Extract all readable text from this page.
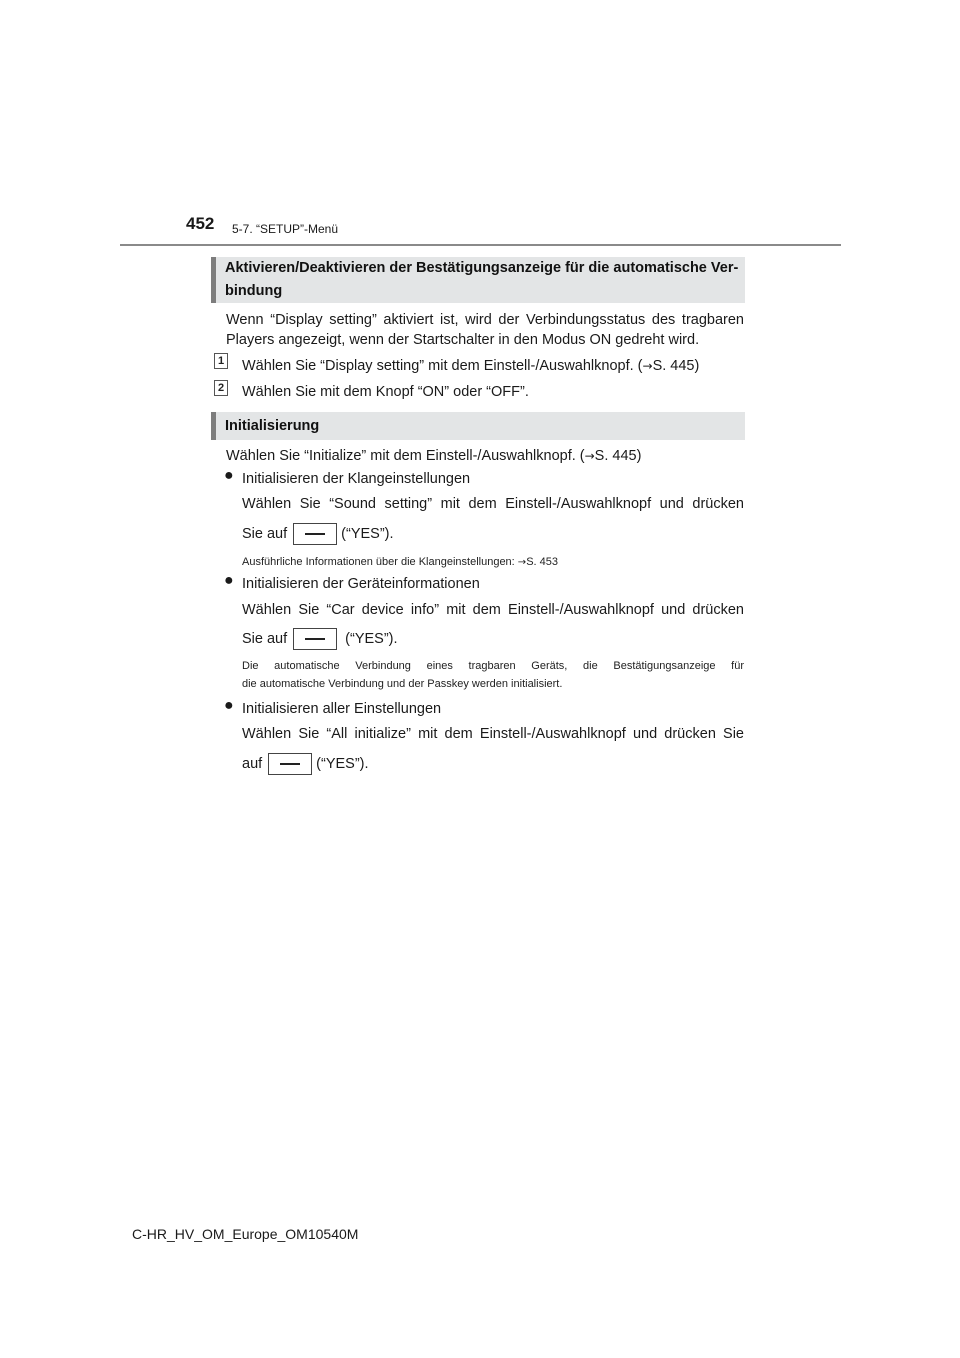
452 5-7. “SETUP”-Menü
Aktivieren/Deaktivieren der Bestätigungsanzeige für die automatische Ver-
bindung
Wenn “Display setting” aktiviert ist, wird der Verbindungsstatus des tragbaren
Players angezeigt, wenn der Startschalter in den Modus ON gedreht wird.
1 Wählen Sie “Display setting” mit dem Einstell-/Auswahlknopf. (→S. 445)
2 Wählen Sie mit dem Knopf “ON” oder “OFF”.
Initialisierung
Wählen Sie “Initialize” mit dem Einstell-/Auswahlknopf. (→S. 445)
● Initialisieren der Klangeinstellungen
Wählen Sie “Sound setting” mit dem Einstell-/Auswahlknopf und drücken
Sie auf	(“YES”).
Ausführliche Informationen über die Klangeinstellungen: →S. 453
● Initialisieren der Geräteinformationen
Wählen Sie “Car device info” mit dem Einstell-/Auswahlknopf und drücken
Sie auf	(“YES”).
Die automatische Verbindung eines tragbaren Geräts, die Bestätigungsanzeige für
die automatische Verbindung und der Passkey werden initialisiert.
● Initialisieren aller Einstellungen
Wählen Sie “All initialize” mit dem Einstell-/Auswahlknopf und drücken Sie
auf	(“YES”).
C-HR_HV_OM_Europe_OM10540M
